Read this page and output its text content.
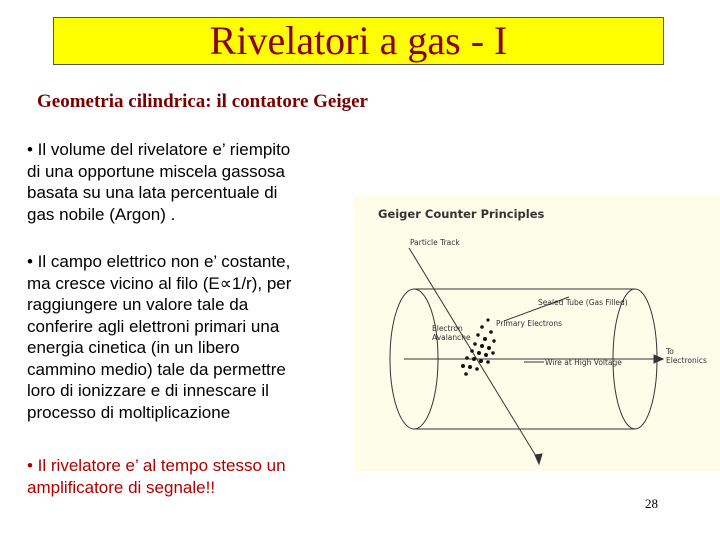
Rivelatori a gas - I
Geometria cilindrica: il contatore Geiger
• Il volume del rivelatore e’ riempito
di una opportune miscela gassosa
basata su una lata percentuale di
gas nobile (Argon) .
• Il campo elettrico non e’ costante,
ma cresce vicino al filo (E∝1/r), per
raggiungere un valore tale da
conferire agli elettroni primari una
energia cinetica (in un libero
cammino medio) tale da permettre
loro di ionizzare e di innescare il
processo di moltiplicazione
• Il rivelatore e’ al tempo stesso un
amplificatore di segnale!!
Geiger Counter Principles
Particle Track
Sealed Tube (Gas Filled)
Electron
Avalanche
Primary Electrons
Wire at High Voltage
To
Electronics
28
